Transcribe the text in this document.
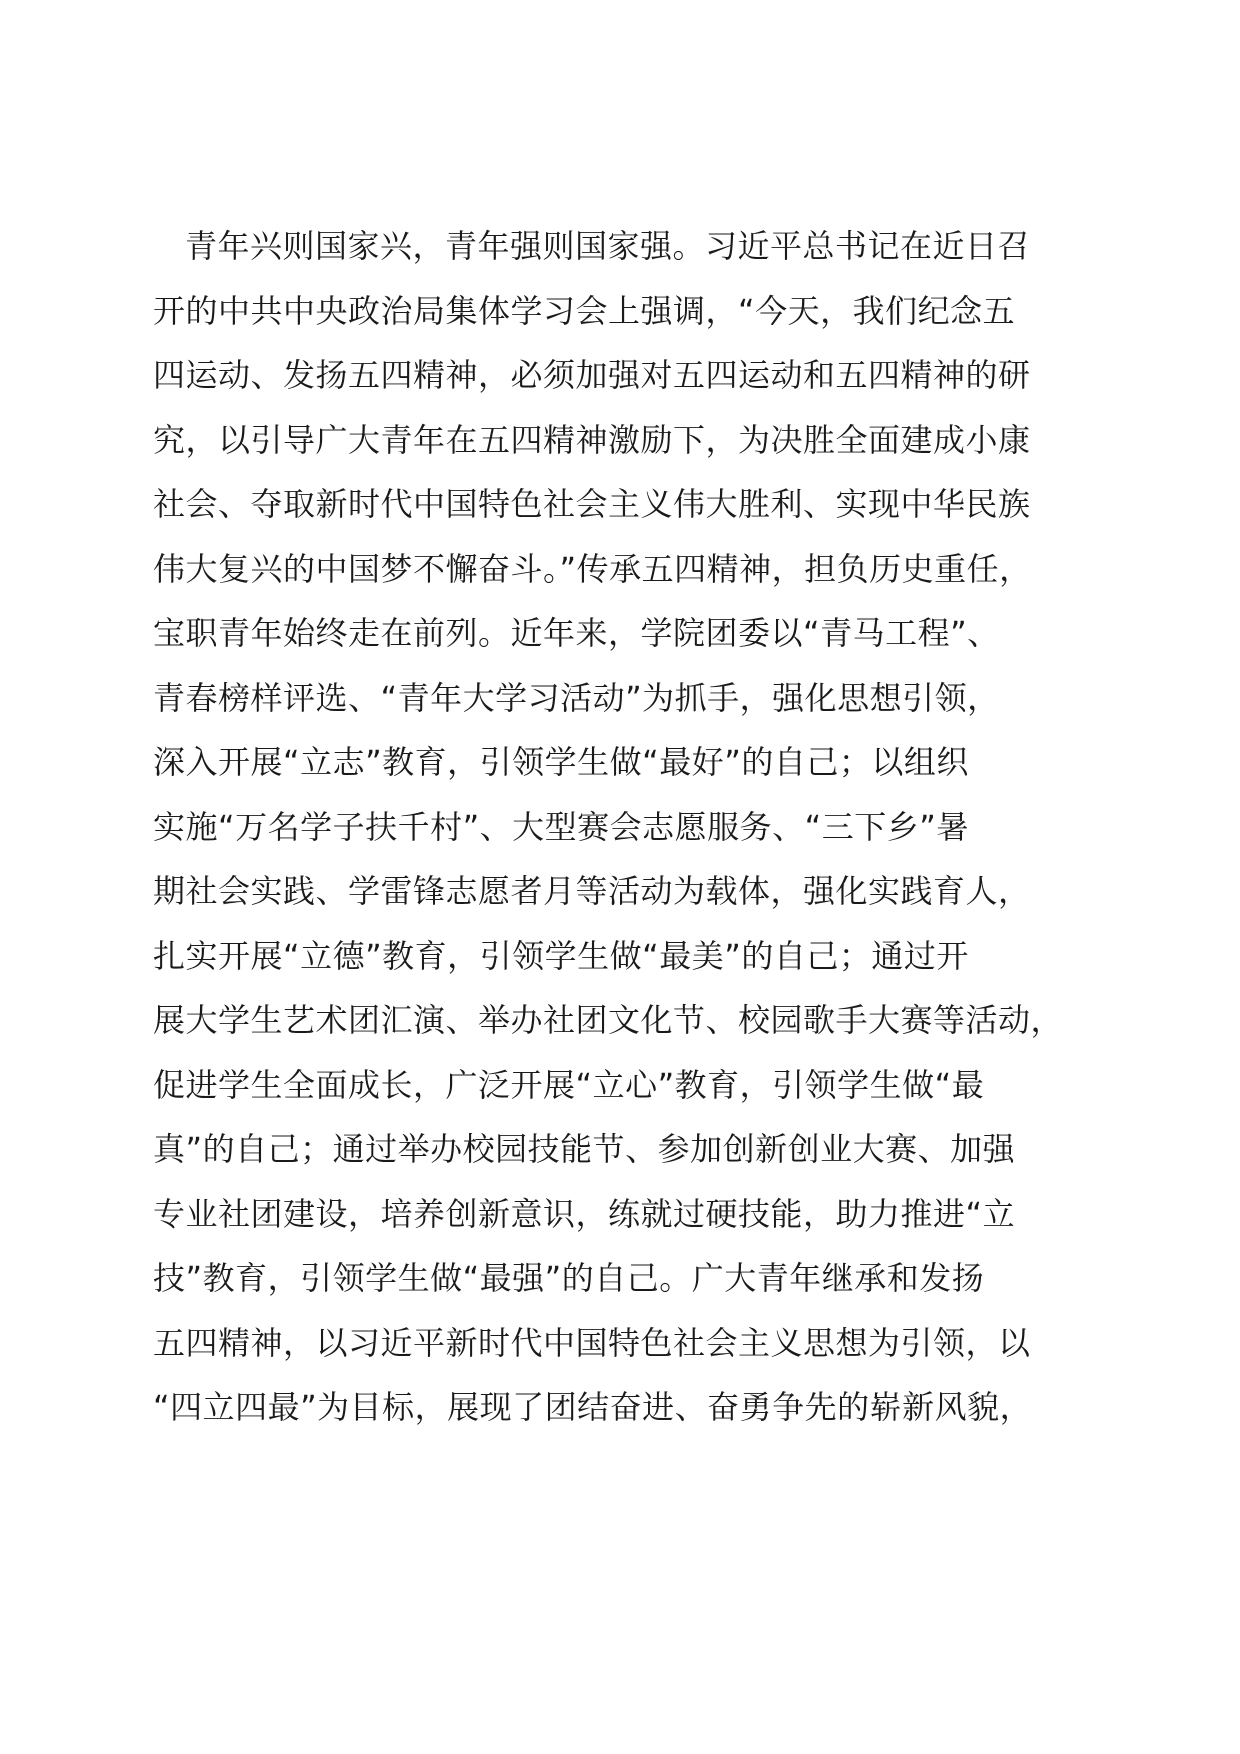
青年兴则国家兴，青年强则国家强。习近平总书记在近日召
开的中共中央政治局集体学习会上强调，“今天，我们纪念五
四运动、发扬五四精神，必须加强对五四运动和五四精神的研
究，以引导广大青年在五四精神激励下，为决胜全面建成小康
社会、夺取新时代中国特色社会主义伟大胜利、实现中华民族
伟大复兴的中国梦不懈奋斗。”传承五四精神，担负历史重任，
宝职青年始终走在前列。近年来，学院团委以“青马工程”、
青春榜样评选、“青年大学习活动”为抓手，强化思想引领，
深入开展“立志”教育，引领学生做“最好”的自己；以组织
实施“万名学子扶千村”、大型赛会志愿服务、“三下乡”暑
期社会实践、学雷锋志愿者月等活动为载体，强化实践育人，
扎实开展“立德”教育，引领学生做“最美”的自己；通过开
展大学生艺术团汇演、举办社团文化节、校园歌手大赛等活动，
促进学生全面成长，广泛开展“立心”教育，引领学生做“最
真”的自己；通过举办校园技能节、参加创新创业大赛、加强
专业社团建设，培养创新意识，练就过硬技能，助力推进“立
技”教育，引领学生做“最强”的自己。广大青年继承和发扬
五四精神，以习近平新时代中国特色社会主义思想为引领，以
“四立四最”为目标，展现了团结奋进、奋勇争先的崭新风貌，
